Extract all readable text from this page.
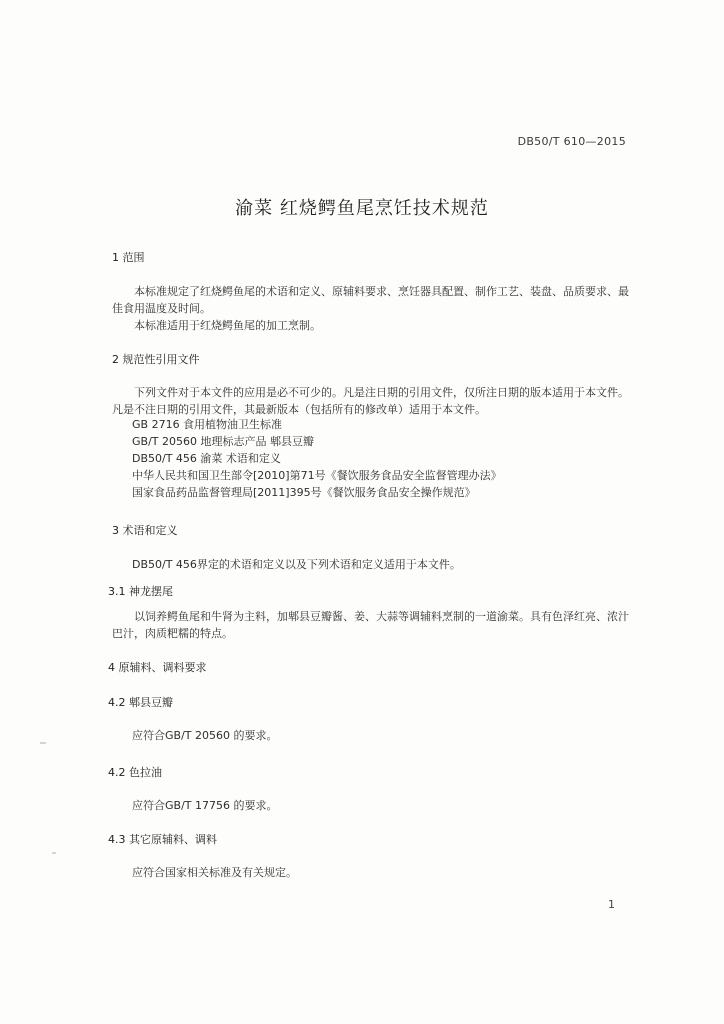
DB50/T 610—2015
渝菜 红烧鳄鱼尾烹饪技术规范
1 范围
本标准规定了红烧鳄鱼尾的术语和定义、原辅料要求、烹饪器具配置、制作工艺、装盘、品质要求、最佳食用温度及时间。
本标准适用于红烧鳄鱼尾的加工烹制。
2 规范性引用文件
下列文件对于本文件的应用是必不可少的。凡是注日期的引用文件，仅所注日期的版本适用于本文件。凡是不注日期的引用文件，其最新版本（包括所有的修改单）适用于本文件。
GB 2716 食用植物油卫生标准
GB/T 20560 地理标志产品 郫县豆瓣
DB50/T 456 渝菜 术语和定义
中华人民共和国卫生部令[2010]第71号《餐饮服务食品安全监督管理办法》
国家食品药品监督管理局[2011]395号《餐饮服务食品安全操作规范》
3 术语和定义
DB50/T 456界定的术语和定义以及下列术语和定义适用于本文件。
3.1 神龙摆尾
以饲养鳄鱼尾和牛肾为主料，加郫县豆瓣酱、姜、大蒜等调辅料烹制的一道渝菜。具有色泽红亮、浓汁巴汁，肉质粑糯的特点。
4 原辅料、调料要求
4.2 郫县豆瓣
应符合GB/T 20560 的要求。
4.2 色拉油
应符合GB/T 17756 的要求。
4.3 其它原辅料、调料
应符合国家相关标准及有关规定。
1
